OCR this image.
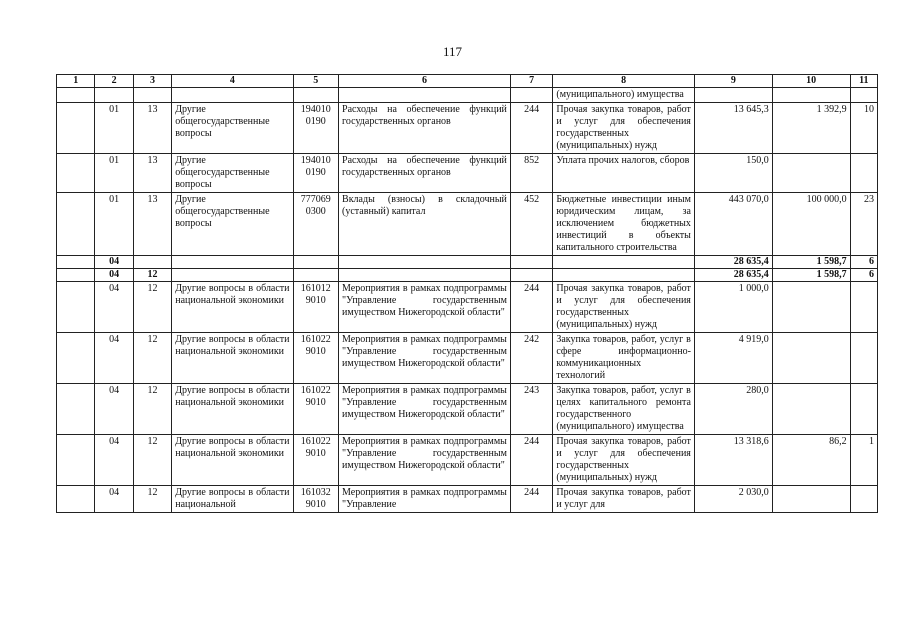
117
1	2	3	4	5	6	7	8	9	10	11
							(муниципального) имущества			
	01	13	Другие общегосударственные вопросы	194010 0190	Расходы на обеспечение функций государственных органов	244	Прочая закупка товаров, работ и услуг для обеспечения государственных (муниципальных) нужд	13 645,3	1 392,9	10
	01	13	Другие общегосударственные вопросы	194010 0190	Расходы на обеспечение функций государственных органов	852	Уплата прочих налогов, сборов	150,0		
	01	13	Другие общегосударственные вопросы	777069 0300	Вклады (взносы) в складочный (уставный) капитал	452	Бюджетные инвестиции иным юридическим лицам, за исключением бюджетных инвестиций в объекты капитального строительства	443 070,0	100 000,0	23
	04							28 635,4	1 598,7	6
	04	12						28 635,4	1 598,7	6
	04	12	Другие вопросы в области национальной экономики	161012 9010	Мероприятия в рамках подпрограммы "Управление государственным имуществом Нижегородской области"	244	Прочая закупка товаров, работ и услуг для обеспечения государственных (муниципальных) нужд	1 000,0		
	04	12	Другие вопросы в области национальной экономики	161022 9010	Мероприятия в рамках подпрограммы "Управление государственным имуществом Нижегородской области"	242	Закупка товаров, работ, услуг в сфере информационно-коммуникационных технологий	4 919,0		
	04	12	Другие вопросы в области национальной экономики	161022 9010	Мероприятия в рамках подпрограммы "Управление государственным имуществом Нижегородской области"	243	Закупка товаров, работ, услуг в целях капитального ремонта государственного (муниципального) имущества	280,0		
	04	12	Другие вопросы в области национальной экономики	161022 9010	Мероприятия в рамках подпрограммы "Управление государственным имуществом Нижегородской области"	244	Прочая закупка товаров, работ и услуг для обеспечения государственных (муниципальных) нужд	13 318,6	86,2	1
	04	12	Другие вопросы в области национальной	161032 9010	Мероприятия в рамках подпрограммы "Управление	244	Прочая закупка товаров, работ и услуг для	2 030,0		
